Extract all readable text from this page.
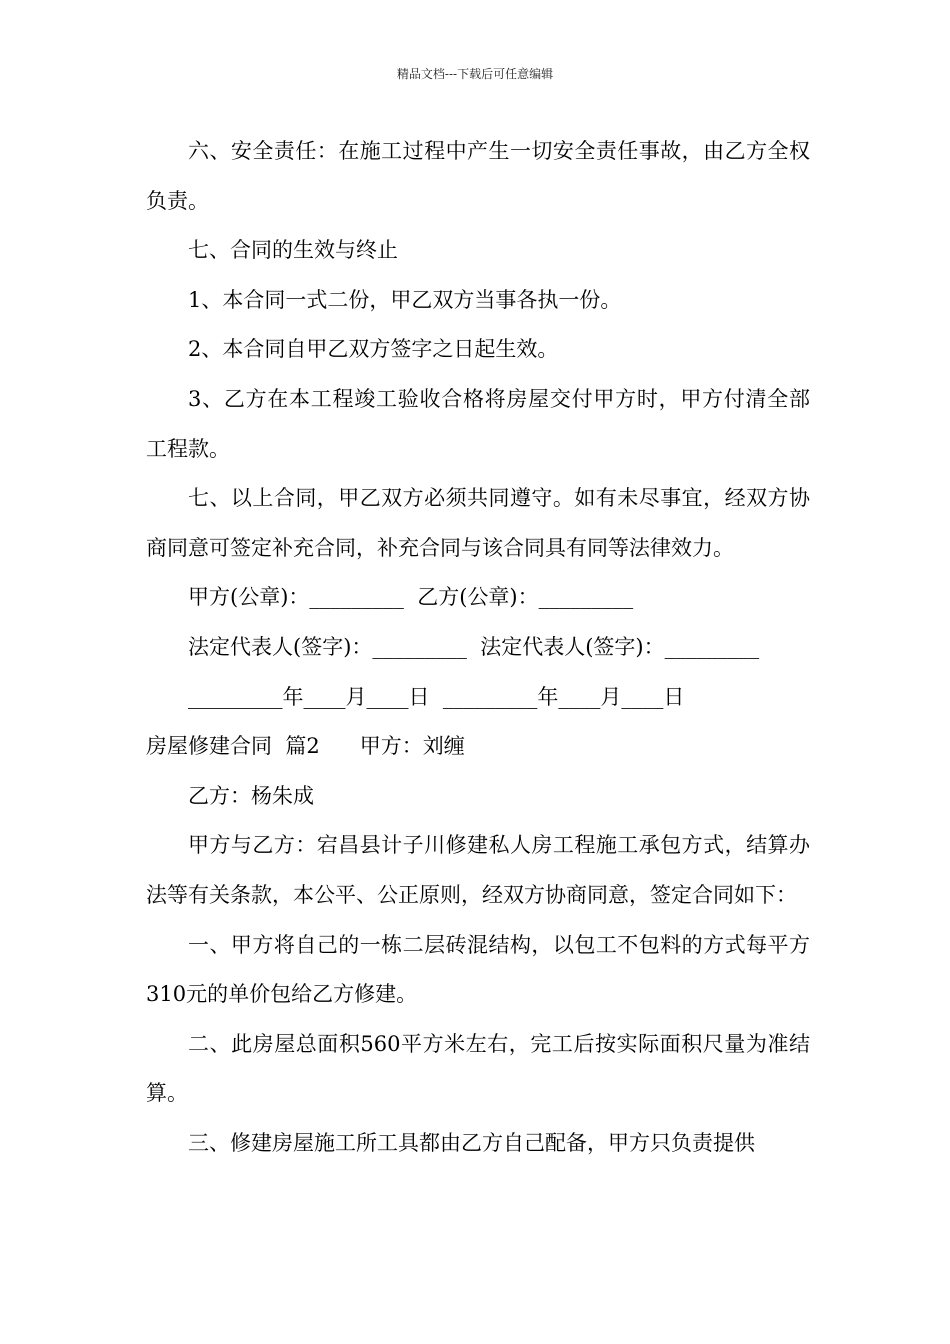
精品文档---下载后可任意编辑

六、安全责任：在施工过程中产生一切安全责任事故，由乙方全权负责。

七、合同的生效与终止

1、本合同一式二份，甲乙双方当事各执一份。

2、本合同自甲乙双方签字之日起生效。

3、乙方在本工程竣工验收合格将房屋交付甲方时，甲方付清全部工程款。

七、以上合同，甲乙双方必须共同遵守。如有未尽事宜，经双方协商同意可签定补充合同，补充合同与该合同具有同等法律效力。

甲方(公章)：_________  乙方(公章)：_________

法定代表人(签字)：_________  法定代表人(签字)：_________

_________年____月____日  _________年____月____日

房屋修建合同  篇2      甲方：刘缠

乙方：杨朱成

甲方与乙方：宕昌县计子川修建私人房工程施工承包方式，结算办法等有关条款，本公平、公正原则，经双方协商同意，签定合同如下：

一、甲方将自己的一栋二层砖混结构，以包工不包料的方式每平方310元的单价包给乙方修建。

二、此房屋总面积560平方米左右，完工后按实际面积尺量为准结算。

三、修建房屋施工所工具都由乙方自己配备，甲方只负责提供
